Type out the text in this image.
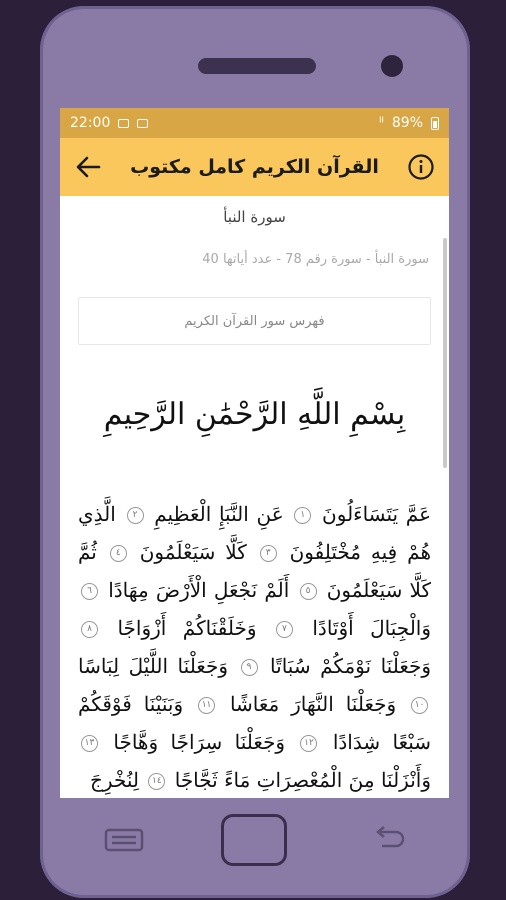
22:00	ᴵˡ 89%
القرآن الكريم كامل مكتوب
سورة النبأ
سورة النبأ - سورة رقم 78 - عدد أياتها 40
فهرس سور القرآن الكريم
بِسْمِ اللَّهِ الرَّحْمَٰنِ الرَّحِيمِ
عَمَّ يَتَسَاءَلُونَ ١ عَنِ النَّبَإِ الْعَظِيمِ ٢ الَّذِي هُمْ فِيهِ مُخْتَلِفُونَ ٣ كَلَّا سَيَعْلَمُونَ ٤ ثُمَّ كَلَّا سَيَعْلَمُونَ ٥ أَلَمْ نَجْعَلِ الْأَرْضَ مِهَادًا ٦ وَالْجِبَالَ أَوْتَادًا ٧ وَخَلَقْنَاكُمْ أَزْوَاجًا ٨ وَجَعَلْنَا نَوْمَكُمْ سُبَاتًا ٩ وَجَعَلْنَا اللَّيْلَ لِبَاسًا ١٠ وَجَعَلْنَا النَّهَارَ مَعَاشًا ١١ وَبَنَيْنَا فَوْقَكُمْ سَبْعًا شِدَادًا ١٢ وَجَعَلْنَا سِرَاجًا وَهَّاجًا ١٣ وَأَنْزَلْنَا مِنَ الْمُعْصِرَاتِ مَاءً ثَجَّاجًا ١٤ لِنُخْرِجَ
